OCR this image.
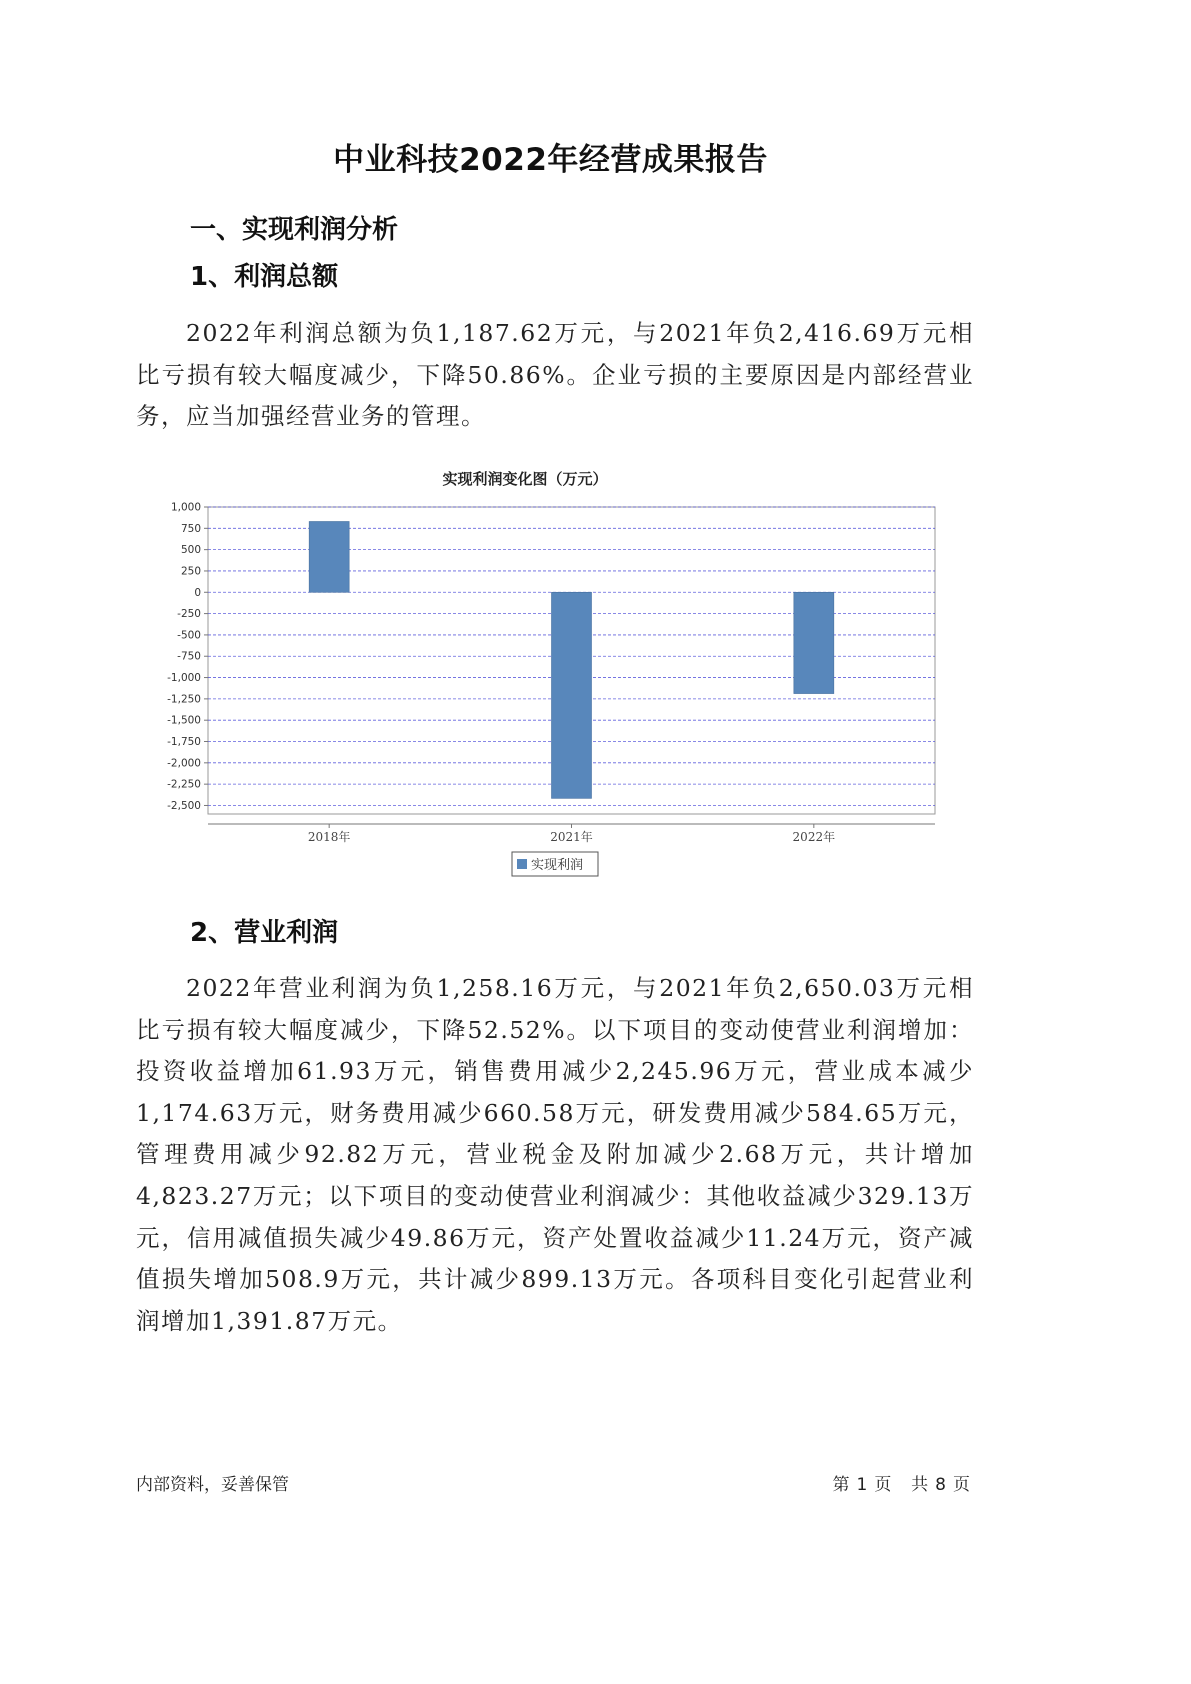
中业科技2022年经营成果报告
一、实现利润分析
1、利润总额

2022年利润总额为负1,187.62万元，与2021年负2,416.69万元相比亏损有较大幅度减少，下降50.86%。企业亏损的主要原因是内部经营业务，应当加强经营业务的管理。

实现利润变化图（万元）
1,000
750
500
250
0
-250
-500
-750
-1,000
-1,250
-1,500
-1,750
-2,000
-2,250
-2,500
2018年	2021年	2022年
实现利润
2、营业利润

2022年营业利润为负1,258.16万元，与2021年负2,650.03万元相比亏损有较大幅度减少，下降52.52%。以下项目的变动使营业利润增加：投资收益增加61.93万元，销售费用减少2,245.96万元，营业成本减少1,174.63万元，财务费用减少660.58万元，研发费用减少584.65万元，管理费用减少92.82万元，营业税金及附加减少2.68万元，共计增加4,823.27万元；以下项目的变动使营业利润减少：其他收益减少329.13万元，信用减值损失减少49.86万元，资产处置收益减少11.24万元，资产减值损失增加508.9万元，共计减少899.13万元。各项科目变化引起营业利润增加1,391.87万元。

内部资料，妥善保管	第 1 页 共 8 页
